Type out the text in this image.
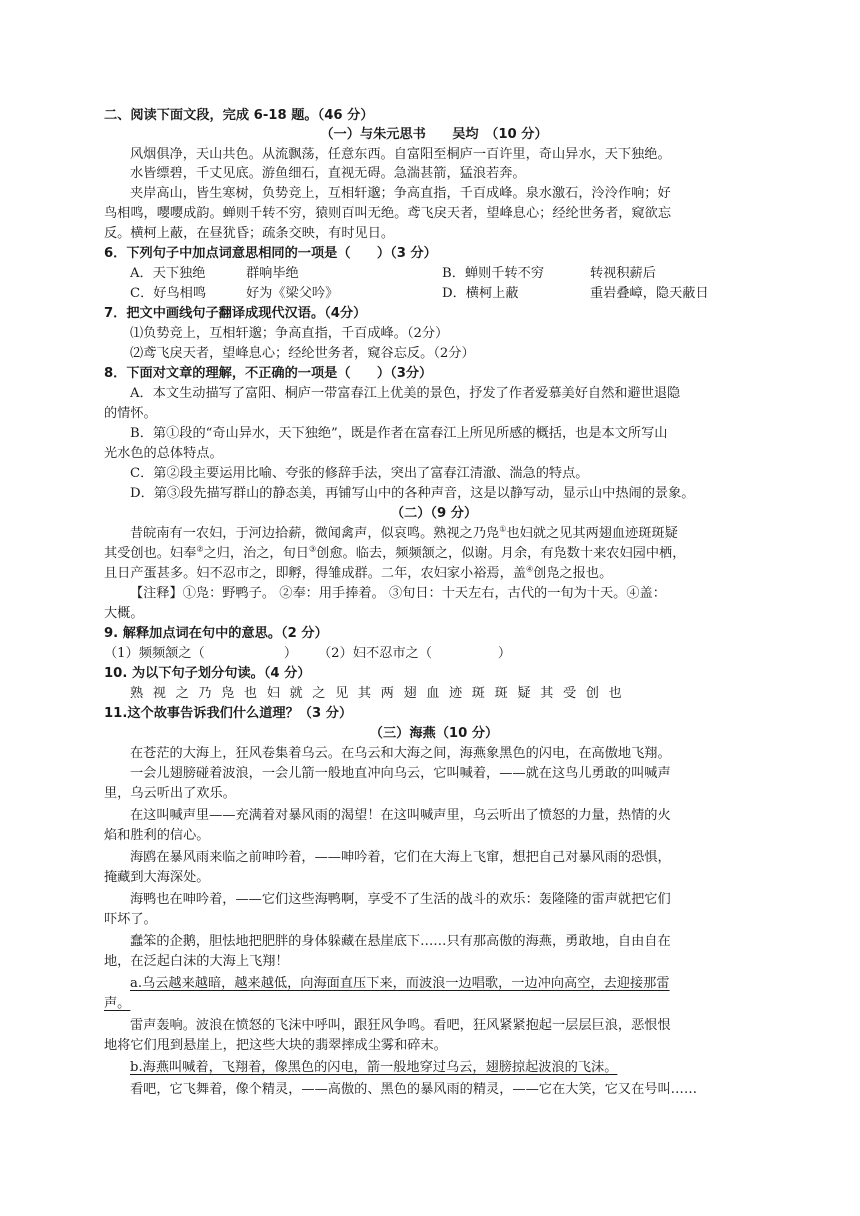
二、阅读下面文段，完成 6-18 题。（46 分）
（一）与朱元思书　　吴均　（10 分）
风烟俱净，天山共色。从流飘荡，任意东西。自富阳至桐庐一百许里，奇山异水，天下独绝。
水皆缥碧，千丈见底。游鱼细石，直视无碍。急湍甚箭，猛浪若奔。
夹岸高山，皆生寒树，负势竞上，互相轩邈；争高直指，千百成峰。泉水激石，泠泠作响；好
鸟相鸣，嘤嘤成韵。蝉则千转不穷，猿则百叫无绝。鸢飞戾天者，望峰息心；经纶世务者，窥欲忘
反。横柯上蔽，在昼犹昏；疏条交映，有时见日。
6．下列句子中加点词意思相同的一项是（　　）（3 分）
A．天下独绝	群响毕绝	B．蝉则千转不穷	转视积薪后
C．好鸟相鸣	好为《梁父吟》	D．横柯上蔽	重岩叠嶂，隐天蔽日
7．把文中画线句子翻译成现代汉语。（4分）
⑴负势竞上，互相轩邈；争高直指，千百成峰。（2分）
⑵鸢飞戾天者，望峰息心；经纶世务者，窥谷忘反。（2分）
8．下面对文章的理解，不正确的一项是（　　）（3分）
A．本文生动描写了富阳、桐庐一带富春江上优美的景色，抒发了作者爱慕美好自然和避世退隐
的情怀。
B．第①段的“奇山异水，天下独绝”，既是作者在富春江上所见所感的概括，也是本文所写山
光水色的总体特点。
C．第②段主要运用比喻、夸张的修辞手法，突出了富春江清澈、湍急的特点。
D．第③段先描写群山的静态美，再铺写山中的各种声音，这是以静写动，显示山中热闹的景象。
（二）（9 分）
昔皖南有一农妇，于河边拾薪，微闻禽声，似哀鸣。熟视之乃凫①也妇就之见其两翅血迹斑斑疑
其受创也。妇奉②之归，治之，旬日③创愈。临去，频频颔之，似谢。月余，有凫数十来农妇园中栖，
且日产蛋甚多。妇不忍市之，即孵，得雏成群。二年，农妇家小裕焉，盖④创凫之报也。
【注释】①凫：野鸭子。 ②奉：用手捧着。 ③旬日：十天左右，古代的一旬为十天。④盖：
大概。
9. 解释加点词在句中的意思。（2 分）
（1）频频颔之（　　　　　　） （2）妇不忍市之（　　　　　）
10. 为以下句子划分句读。（4 分）
熟视之乃凫也妇就之见其两翅血迹斑斑疑其受创也
11.这个故事告诉我们什么道理？（3 分）
（三）海燕（10 分）
在苍茫的大海上，狂风卷集着乌云。在乌云和大海之间，海燕象黑色的闪电，在高傲地飞翔。
一会儿翅膀碰着波浪，一会儿箭一般地直冲向乌云，它叫喊着，——就在这鸟儿勇敢的叫喊声
里，乌云听出了欢乐。
在这叫喊声里——充满着对暴风雨的渴望！在这叫喊声里，乌云听出了愤怒的力量，热情的火
焰和胜利的信心。
海鸥在暴风雨来临之前呻吟着，——呻吟着，它们在大海上飞窜，想把自己对暴风雨的恐惧，
掩藏到大海深处。
海鸭也在呻吟着，——它们这些海鸭啊，享受不了生活的战斗的欢乐：轰隆隆的雷声就把它们
吓坏了。
蠢笨的企鹅，胆怯地把肥胖的身体躲藏在悬崖底下……只有那高傲的海燕，勇敢地，自由自在
地，在泛起白沫的大海上飞翔！
a.乌云越来越暗，越来越低，向海面直压下来，而波浪一边唱歌，一边冲向高空，去迎接那雷
声。
雷声轰响。波浪在愤怒的飞沫中呼叫，跟狂风争鸣。看吧，狂风紧紧抱起一层层巨浪，恶恨恨
地将它们甩到悬崖上，把这些大块的翡翠摔成尘雾和碎末。
b.海燕叫喊着，飞翔着，像黑色的闪电，箭一般地穿过乌云，翅膀掠起波浪的飞沫。
看吧，它飞舞着，像个精灵，——高傲的、黑色的暴风雨的精灵，——它在大笑，它又在号叫……
